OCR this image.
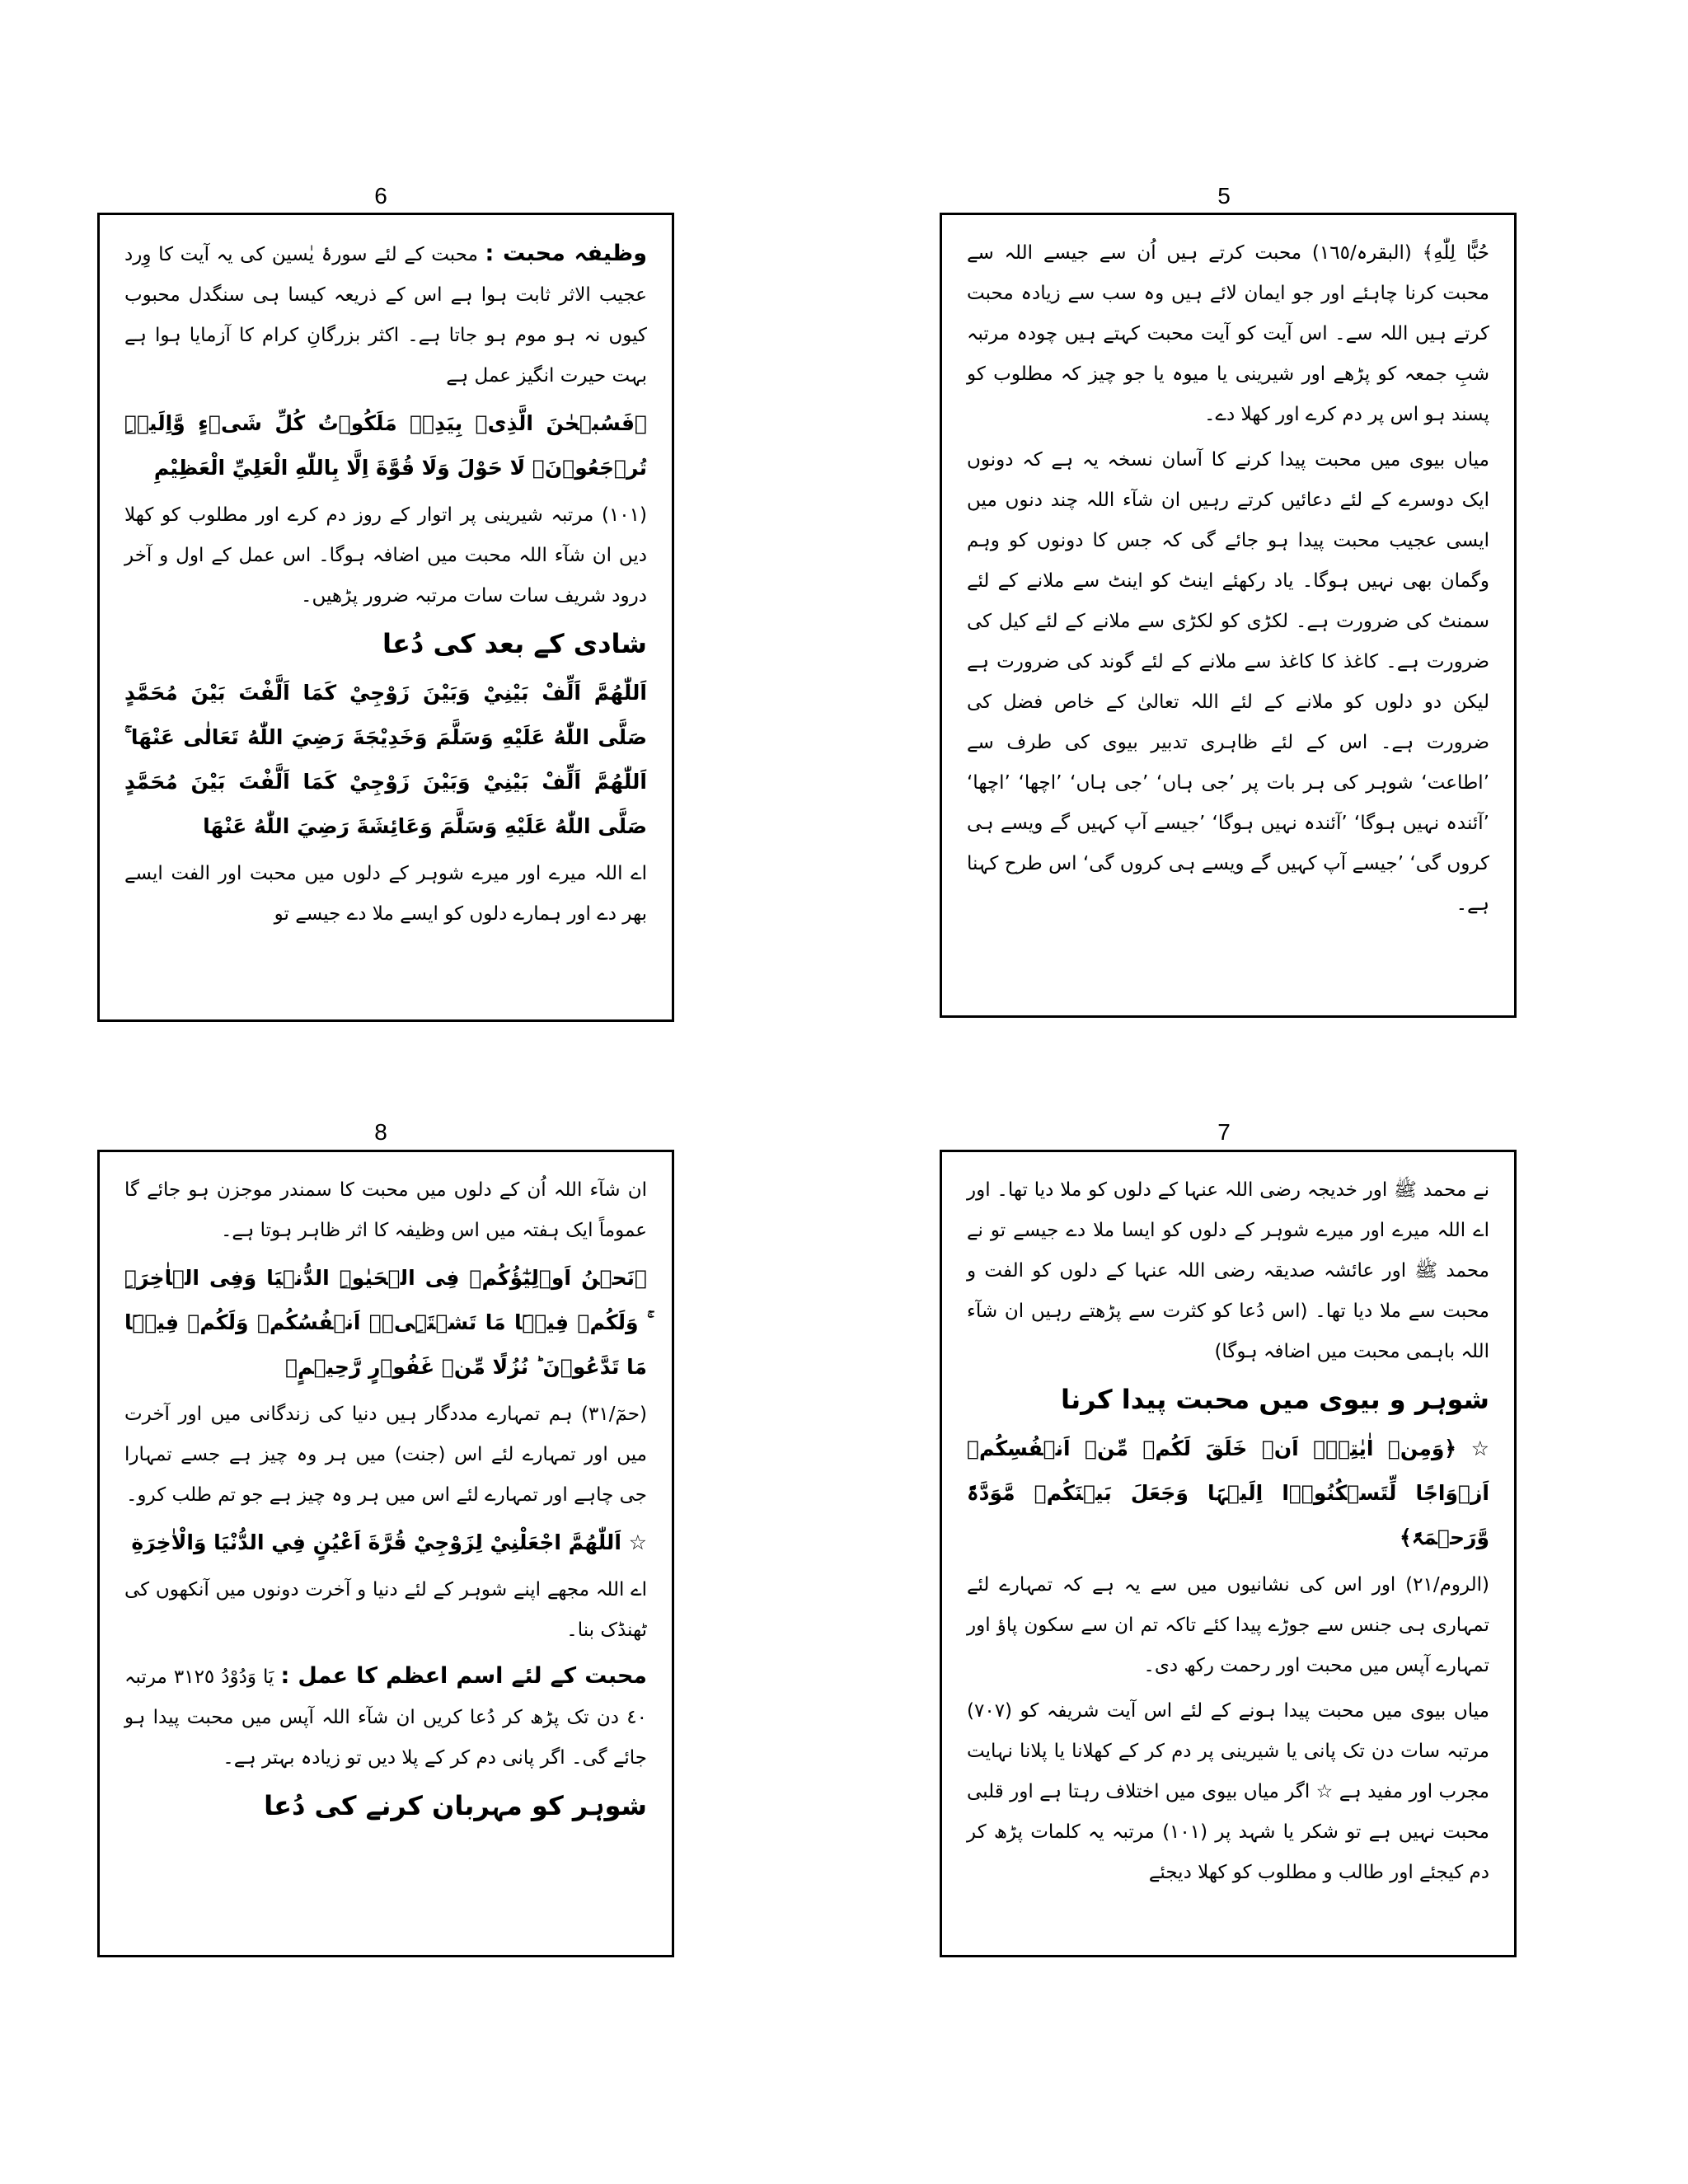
5

حُبًّا لِلّٰهِ﴾ (البقرہ/١٦٥) محبت کرتے ہیں اُن سے جیسے اللہ سے محبت کرنا چاہئے اور جو ایمان لائے ہیں وہ سب سے زیادہ محبت کرتے ہیں اللہ سے۔ اس آیت کو آیت محبت کہتے ہیں چودہ مرتبہ شبِ جمعہ کو پڑھے اور شیرینی یا میوہ یا جو چیز کہ مطلوب کو پسند ہو اس پر دم کرے اور کھلا دے۔

میاں بیوی میں محبت پیدا کرنے کا آسان نسخہ یہ ہے کہ دونوں ایک دوسرے کے لئے دعائیں کرتے رہیں ان شآء اللہ چند دنوں میں ایسی عجیب محبت پیدا ہو جائے گی کہ جس کا دونوں کو وہم وگمان بھی نہیں ہوگا۔ یاد رکھئے اینٹ کو اینٹ سے ملانے کے لئے سمنٹ کی ضرورت ہے۔ لکڑی کو لکڑی سے ملانے کے لئے کیل کی ضرورت ہے۔ کاغذ کا کاغذ سے ملانے کے لئے گوند کی ضرورت ہے لیکن دو دلوں کو ملانے کے لئے اللہ تعالیٰ کے خاص فضل کی ضرورت ہے۔ اس کے لئے ظاہری تدبیر بیوی کی طرف سے ’اطاعت‘ شوہر کی ہر بات پر ’جی ہاں‘ ’جی ہاں‘ ’اچھا‘ ’اچھا‘ ’آئندہ نہیں ہوگا‘ ’آئندہ نہیں ہوگا‘ ’جیسے آپ کہیں گے ویسے ہی کروں گی‘ ’جیسے آپ کہیں گے ویسے ہی کروں گی‘ اس طرح کہنا ہے۔

6

وظیفہ محبت : محبت کے لئے سورۂ یٰسین کی یہ آیت کا وِرد عجیب الاثر ثابت ہوا ہے اس کے ذریعہ کیسا ہی سنگدل محبوب کیوں نہ ہو موم ہو جاتا ہے۔ اکثر بزرگانِ کرام کا آزمایا ہوا ہے بہت حیرت انگیز عمل ہے

﴿فَسُبۡحٰنَ الَّذِیۡ بِیَدِہٖ مَلَکُوۡتُ کُلِّ شَیۡءٍ وَّاِلَیۡہِ تُرۡجَعُوۡنَ﴾ لَا حَوْلَ وَلَا قُوَّةَ اِلَّا بِاللّٰهِ الْعَلِيِّ الْعَظِيْمِ

(١٠١) مرتبہ شیرینی پر اتوار کے روز دم کرے اور مطلوب کو کھلا دیں ان شآء اللہ محبت میں اضافہ ہوگا۔ اس عمل کے اول و آخر درود شریف سات سات مرتبہ ضرور پڑھیں۔

شادی کے بعد کی دُعا

اَللّٰهُمَّ اَلِّفْ بَيْنِيْ وَبَيْنَ زَوْجِيْ كَمَا اَلَّفْتَ بَيْنَ مُحَمَّدٍ صَلَّى اللّٰهُ عَلَيْهِ وَسَلَّمَ وَخَدِيْجَةَ رَضِيَ اللّٰهُ تَعَالٰى عَنْهَا ۚ اَللّٰهُمَّ اَلِّفْ بَيْنِيْ وَبَيْنَ زَوْجِيْ كَمَا اَلَّفْتَ بَيْنَ مُحَمَّدٍ صَلَّى اللّٰهُ عَلَيْهِ وَسَلَّمَ وَعَائِشَةَ رَضِيَ اللّٰهُ عَنْهَا

اے اللہ میرے اور میرے شوہر کے دلوں میں محبت اور الفت ایسے بھر دے اور ہمارے دلوں کو ایسے ملا دے جیسے تو

7

نے محمد ﷺ اور خدیجہ رضی اللہ عنہا کے دلوں کو ملا دیا تھا۔ اور اے اللہ میرے اور میرے شوہر کے دلوں کو ایسا ملا دے جیسے تو نے محمد ﷺ اور عائشہ صدیقہ رضی اللہ عنہا کے دلوں کو الفت و محبت سے ملا دیا تھا۔ (اس دُعا کو کثرت سے پڑھتے رہیں ان شآء اللہ باہمی محبت میں اضافہ ہوگا)

شوہر و بیوی میں محبت پیدا کرنا

☆ ﴿وَمِنۡ اٰیٰتِہٖۤ اَنۡ خَلَقَ لَکُمۡ مِّنۡ اَنۡفُسِکُمۡ اَزۡوَاجًا لِّتَسۡکُنُوۡۤا اِلَیۡہَا وَجَعَلَ بَیۡنَکُمۡ مَّوَدَّۃً وَّرَحۡمَۃً﴾

(الروم/٢١) اور اس کی نشانیوں میں سے یہ ہے کہ تمہارے لئے تمہاری ہی جنس سے جوڑے پیدا کئے تاکہ تم ان سے سکون پاؤ اور تمہارے آپس میں محبت اور رحمت رکھ دی۔

میاں بیوی میں محبت پیدا ہونے کے لئے اس آیت شریفہ کو (٧٠٧) مرتبہ سات دن تک پانی یا شیرینی پر دم کر کے کھلانا یا پلانا نہایت مجرب اور مفید ہے ☆ اگر میاں بیوی میں اختلاف رہتا ہے اور قلبی محبت نہیں ہے تو شکر یا شہد پر (١٠١) مرتبہ یہ کلمات پڑھ کر دم کیجئے اور طالب و مطلوب کو کھلا دیجئے

8

ان شآء اللہ اُن کے دلوں میں محبت کا سمندر موجزن ہو جائے گا عموماً ایک ہفتہ میں اس وظیفہ کا اثر ظاہر ہوتا ہے۔

﴿نَحۡنُ اَوۡلِیٰٓؤُکُمۡ فِی الۡحَیٰوۃِ الدُّنۡیَا وَفِی الۡاٰخِرَۃِ ۚ وَلَکُمۡ فِیۡہَا مَا تَشۡتَہِیۡۤ اَنۡفُسُکُمۡ وَلَکُمۡ فِیۡہَا مَا تَدَّعُوۡنَ ؕ نُزُلًا مِّنۡ غَفُوۡرٍ رَّحِیۡمٍ﴾

(حمٓ/٣١) ہم تمہارے مددگار ہیں دنیا کی زندگانی میں اور آخرت میں اور تمہارے لئے اس (جنت) میں ہر وہ چیز ہے جسے تمہارا جی چاہے اور تمہارے لئے اس میں ہر وہ چیز ہے جو تم طلب کرو۔

☆ اَللّٰهُمَّ اجْعَلْنِيْ لِزَوْجِيْ قُرَّةَ اَعْيُنٍ فِي الدُّنْيَا وَالْاٰخِرَةِ

اے اللہ مجھے اپنے شوہر کے لئے دنیا و آخرت دونوں میں آنکھوں کی ٹھنڈک بنا۔

محبت کے لئے اسم اعظم کا عمل : یَا وَدُوْدُ ٣١٢٥ مرتبہ ٤٠ دن تک پڑھ کر دُعا کریں ان شآء اللہ آپس میں محبت پیدا ہو جائے گی۔ اگر پانی دم کر کے پلا دیں تو زیادہ بہتر ہے۔

شوہر کو مہربان کرنے کی دُعا
